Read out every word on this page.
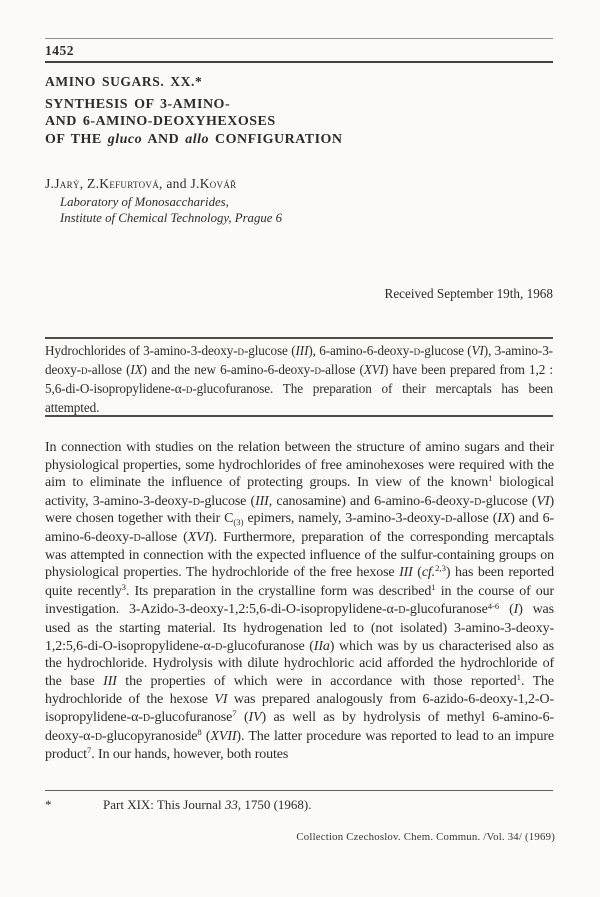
1452
AMINO SUGARS. XX.*
SYNTHESIS OF 3-AMINO-
AND 6-AMINO-DEOXYHEXOSES
OF THE gluco AND allo CONFIGURATION
J.Jarý, Z.Kefurtová, and J.Kovář
Laboratory of Monosaccharides,
Institute of Chemical Technology, Prague 6
Received September 19th, 1968

Hydrochlorides of 3-amino-3-deoxy-d-glucose (III), 6-amino-6-deoxy-d-glucose (VI), 3-amino-3-deoxy-d-allose (IX) and the new 6-amino-6-deoxy-d-allose (XVI) have been prepared from 1,2 : 5,6-di-O-isopropylidene-α-d-glucofuranose. The preparation of their mercaptals has been attempted.

In connection with studies on the relation between the structure of amino sugars and their physiological properties, some hydrochlorides of free aminohexoses were required with the aim to eliminate the influence of protecting groups. In view of the known$^1$ biological activity, 3-amino-3-deoxy-d-glucose (III, canosamine) and 6-amino-6-deoxy-d-glucose (VI) were chosen together with their C(3) epimers, namely, 3-amino-3-deoxy-d-allose (IX) and 6-amino-6-deoxy-d-allose (XVI). Furthermore, preparation of the corresponding mercaptals was attempted in connection with the expected influence of the sulfur-containing groups on physiological properties. The hydrochloride of the free hexose III (cf.$^{2,3}$) has been reported quite recently$^3$. Its preparation in the crystalline form was described$^1$ in the course of our investigation. 3-Azido-3-deoxy-1,2:5,6-di-O-isopropylidene-α-d-glucofuranose$^{4-6}$ (I) was used as the starting material. Its hydrogenation led to (not isolated) 3-amino-3-deoxy-1,2:5,6-di-O-isopropylidene-α-d-glucofuranose (IIa) which was by us characterised also as the hydrochloride. Hydrolysis with dilute hydrochloric acid afforded the hydrochloride of the base III the properties of which were in accordance with those reported$^1$. The hydrochloride of the hexose VI was prepared analogously from 6-azido-6-deoxy-1,2-O-isopropylidene-α-d-glucofuranose$^7$ (IV) as well as by hydrolysis of methyl 6-amino-6-deoxy-α-d-glucopyranoside$^8$ (XVII). The latter procedure was reported to lead to an impure product$^7$. In our hands, however, both routes

*	Part XIX: This Journal 33, 1750 (1968).
Collection Czechoslov. Chem. Commun. /Vol. 34/ (1969)
